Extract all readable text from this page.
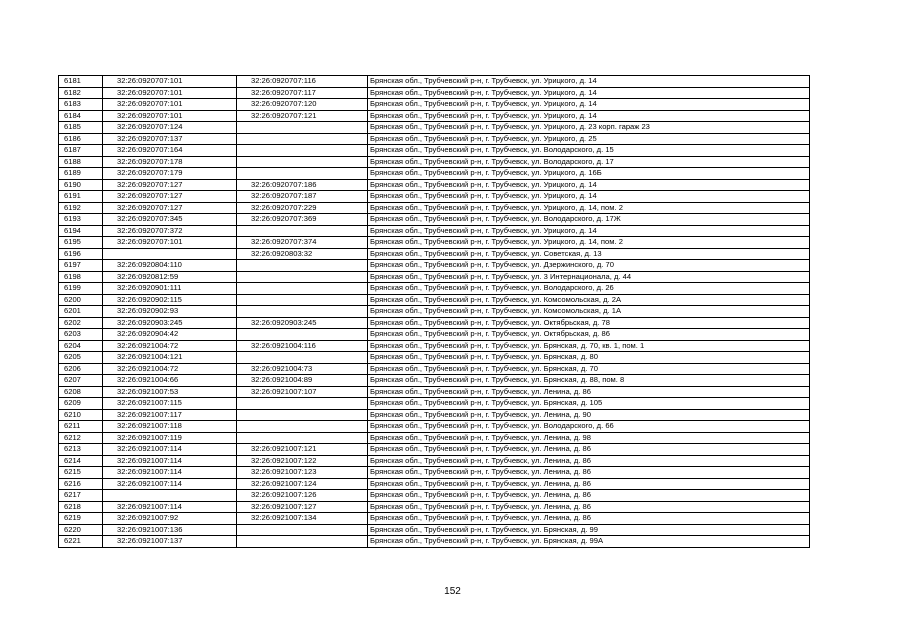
6181	32:26:0920707:101	32:26:0920707:116	Брянская обл., Трубчевский р-н, г. Трубчевск, ул. Урицкого, д. 14
6182	32:26:0920707:101	32:26:0920707:117	Брянская обл., Трубчевский р-н, г. Трубчевск, ул. Урицкого, д. 14
6183	32:26:0920707:101	32:26:0920707:120	Брянская обл., Трубчевский р-н, г. Трубчевск, ул. Урицкого, д. 14
6184	32:26:0920707:101	32:26:0920707:121	Брянская обл., Трубчевский р-н, г. Трубчевск, ул. Урицкого, д. 14
6185	32:26:0920707:124		Брянская обл., Трубчевский р-н, г. Трубчевск, ул. Урицкого, д. 23 корп. гараж 23
6186	32:26:0920707:137		Брянская обл., Трубчевский р-н, г. Трубчевск, ул. Урицкого, д. 25
6187	32:26:0920707:164		Брянская обл., Трубчевский р-н, г. Трубчевск, ул. Володарского, д. 15
6188	32:26:0920707:178		Брянская обл., Трубчевский р-н, г. Трубчевск, ул. Володарского, д. 17
6189	32:26:0920707:179		Брянская обл., Трубчевский р-н, г. Трубчевск, ул. Урицкого, д. 16Б
6190	32:26:0920707:127	32:26:0920707:186	Брянская обл., Трубчевский р-н, г. Трубчевск, ул. Урицкого, д. 14
6191	32:26:0920707:127	32:26:0920707:187	Брянская обл., Трубчевский р-н, г. Трубчевск, ул. Урицкого, д. 14
6192	32:26:0920707:127	32:26:0920707:229	Брянская обл., Трубчевский р-н, г. Трубчевск, ул. Урицкого, д. 14, пом. 2
6193	32:26:0920707:345	32:26:0920707:369	Брянская обл., Трубчевский р-н, г. Трубчевск, ул. Володарского, д. 17Ж
6194	32:26:0920707:372		Брянская обл., Трубчевский р-н, г. Трубчевск, ул. Урицкого, д. 14
6195	32:26:0920707:101	32:26:0920707:374	Брянская обл., Трубчевский р-н, г. Трубчевск, ул. Урицкого, д. 14, пом. 2
6196		32:26:0920803:32	Брянская обл., Трубчевский р-н, г. Трубчевск, ул. Советская, д. 13
6197	32:26:0920804:110		Брянская обл., Трубчевский р-н, г. Трубчевск, ул. Дзержинского, д. 70
6198	32:26:0920812:59		Брянская обл., Трубчевский р-н, г. Трубчевск, ул. 3 Интернационала, д. 44
6199	32:26:0920901:111		Брянская обл., Трубчевский р-н, г. Трубчевск, ул. Володарского, д. 26
6200	32:26:0920902:115		Брянская обл., Трубчевский р-н, г. Трубчевск, ул. Комсомольская, д. 2А
6201	32:26:0920902:93		Брянская обл., Трубчевский р-н, г. Трубчевск, ул. Комсомольская, д. 1А
6202	32:26:0920903:245	32:26:0920903:245	Брянская обл., Трубчевский р-н, г. Трубчевск, ул. Октябрьская, д. 78
6203	32:26:0920904:42		Брянская обл., Трубчевский р-н, г. Трубчевск, ул. Октябрьская, д. 86
6204	32:26:0921004:72	32:26:0921004:116	Брянская обл., Трубчевский р-н, г. Трубчевск, ул. Брянская, д. 70, кв. 1, пом. 1
6205	32:26:0921004:121		Брянская обл., Трубчевский р-н, г. Трубчевск, ул. Брянская, д. 80
6206	32:26:0921004:72	32:26:0921004:73	Брянская обл., Трубчевский р-н, г. Трубчевск, ул. Брянская, д. 70
6207	32:26:0921004:66	32:26:0921004:89	Брянская обл., Трубчевский р-н, г. Трубчевск, ул. Брянская, д. 88, пом. 8
6208	32:26:0921007:53	32:26:0921007:107	Брянская обл., Трубчевский р-н, г. Трубчевск, ул. Ленина, д. 86
6209	32:26:0921007:115		Брянская обл., Трубчевский р-н, г. Трубчевск, ул. Брянская, д. 105
6210	32:26:0921007:117		Брянская обл., Трубчевский р-н, г. Трубчевск, ул. Ленина, д. 90
6211	32:26:0921007:118		Брянская обл., Трубчевский р-н, г. Трубчевск, ул. Володарского, д. 66
6212	32:26:0921007:119		Брянская обл., Трубчевский р-н, г. Трубчевск, ул. Ленина, д. 98
6213	32:26:0921007:114	32:26:0921007:121	Брянская обл., Трубчевский р-н, г. Трубчевск, ул. Ленина, д. 86
6214	32:26:0921007:114	32:26:0921007:122	Брянская обл., Трубчевский р-н, г. Трубчевск, ул. Ленина, д. 86
6215	32:26:0921007:114	32:26:0921007:123	Брянская обл., Трубчевский р-н, г. Трубчевск, ул. Ленина, д. 86
6216	32:26:0921007:114	32:26:0921007:124	Брянская обл., Трубчевский р-н, г. Трубчевск, ул. Ленина, д. 86
6217		32:26:0921007:126	Брянская обл., Трубчевский р-н, г. Трубчевск, ул. Ленина, д. 86
6218	32:26:0921007:114	32:26:0921007:127	Брянская обл., Трубчевский р-н, г. Трубчевск, ул. Ленина, д. 86
6219	32:26:0921007:92	32:26:0921007:134	Брянская обл., Трубчевский р-н, г. Трубчевск, ул. Ленина, д. 86
6220	32:26:0921007:136		Брянская обл., Трубчевский р-н, г. Трубчевск, ул. Брянская, д. 99
6221	32:26:0921007:137		Брянская обл., Трубчевский р-н, г. Трубчевск, ул. Брянская, д. 99А
152
